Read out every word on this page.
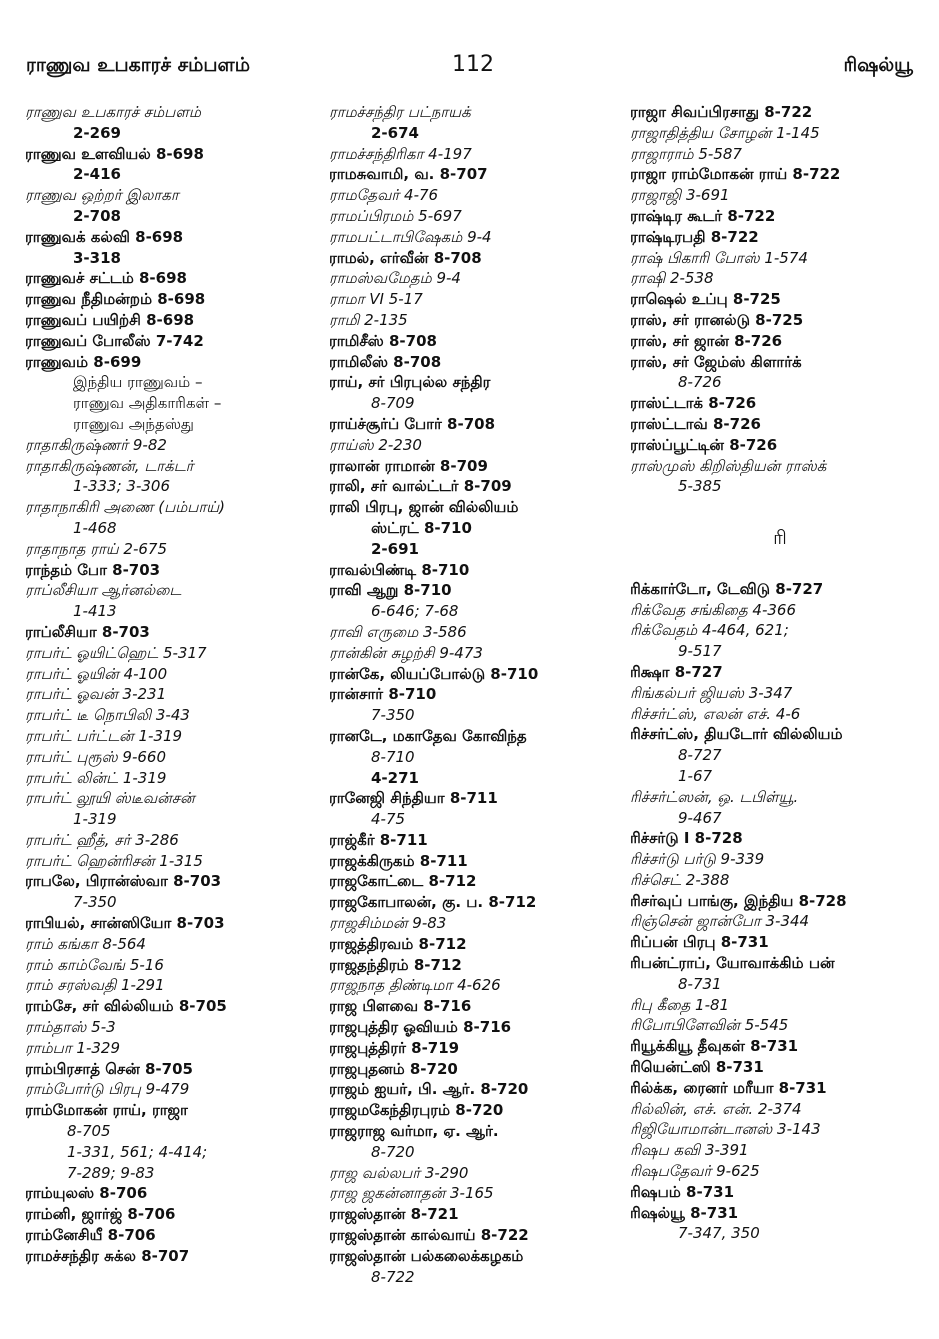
ராணுவ உபகாரச் சம்பளம்	112	ரிஷல்யூ
ராணுவ உபகாரச் சம்பளம்
2-269
ராணுவ உளவியல் 8-698
2-416
ராணுவ ஒற்றர் இலாகா
2-708
ராணுவக் கல்வி 8-698
3-318
ராணுவச் சட்டம் 8-698
ராணுவ நீதிமன்றம் 8-698
ராணுவப் பயிற்சி 8-698
ராணுவப் போலீஸ் 7-742
ராணுவம் 8-699
இந்திய ராணுவம் –
ராணுவ அதிகாரிகள் –
ராணுவ அந்தஸ்து
ராதாகிருஷ்ணர் 9-82
ராதாகிருஷ்ணன், டாக்டர்
1-333; 3-306
ராதாநாகிரி அணை (பம்பாய்)
1-468
ராதாநாத ராய் 2-675
ராந்தம் போ 8-703
ராப்லீசியா ஆர்னல்டை
1-413
ராப்லீசியா 8-703
ராபர்ட் ஓயிட்ஹெட் 5-317
ராபர்ட் ஓயின் 4-100
ராபர்ட் ஓவன் 3-231
ராபர்ட் டீ நொபிலி 3-43
ராபர்ட் பர்ட்டன் 1-319
ராபர்ட் புரூஸ் 9-660
ராபர்ட் லின்ட் 1-319
ராபர்ட் லூயி ஸ்டீவன்சன்
1-319
ராபர்ட் ஹீத், சர் 3-286
ராபர்ட் ஹென்ரிசன் 1-315
ராபலே, பிரான்ஸ்வா 8-703
7-350
ராபியல், சான்ஸியோ 8-703
ராம் கங்கா 8-564
ராம் காம்வேங் 5-16
ராம் சரஸ்வதி 1-291
ராம்சே, சர் வில்லியம் 8-705
ராம்தாஸ் 5-3
ராம்பா 1-329
ராம்பிரசாத் சென் 8-705
ராம்போர்டு பிரபு 9-479
ராம்மோகன் ராய், ராஜா
8-705
1-331, 561; 4-414;
7-289; 9-83
ராம்யுலஸ் 8-706
ராம்னி, ஜார்ஜ் 8-706
ராம்னேசியீ 8-706
ராமச்சந்திர சுக்ல 8-707
ராமச்சந்திர பட்நாயக்
2-674
ராமச்சந்திரிகா 4-197
ராமசுவாமி, வ. 8-707
ராமதேவர் 4-76
ராமப்பிரமம் 5-697
ராமபட்டாபிஷேகம் 9-4
ராமல், எர்வீன் 8-708
ராமஸ்வமேதம் 9-4
ராமா VI 5-17
ராமி 2-135
ராமிசீஸ் 8-708
ராமிலீஸ் 8-708
ராய், சர் பிரபுல்ல சந்திர
8-709
ராய்ச்சூர்ப் போர் 8-708
ராய்ஸ் 2-230
ராலான் ராமான் 8-709
ராலி, சர் வால்ட்டர் 8-709
ராலி பிரபு, ஜான் வில்லியம்
ஸ்ட்ரட் 8-710
2-691
ராவல்பிண்டி 8-710
ராவி ஆறு 8-710
6-646; 7-68
ராவி எருமை 3-586
ரான்கின் சுழற்சி 9-473
ரான்கே, லியப்போல்டு 8-710
ரான்சார் 8-710
7-350
ரானடே, மகாதேவ கோவிந்த
8-710
4-271
ரானேஜி சிந்தியா 8-711
4-75
ராஜ்கீர் 8-711
ராஜக்கிருகம் 8-711
ராஜகோட்டை 8-712
ராஜகோபாலன், கு. ப. 8-712
ராஜசிம்மன் 9-83
ராஜத்திரவம் 8-712
ராஜதந்திரம் 8-712
ராஜநாத திண்டிமா 4-626
ராஜ பிளவை 8-716
ராஜபுத்திர ஓவியம் 8-716
ராஜபுத்திரர் 8-719
ராஜபுதனம் 8-720
ராஜம் ஐயர், பி. ஆர். 8-720
ராஜமகேந்திரபுரம் 8-720
ராஜராஜ வர்மா, ஏ. ஆர்.
8-720
ராஜ வல்லபர் 3-290
ராஜ ஜகன்னாதன் 3-165
ராஜஸ்தான் 8-721
ராஜஸ்தான் கால்வாய் 8-722
ராஜஸ்தான் பல்கலைக்கழகம்
8-722
ராஜா சிவப்பிரசாது 8-722
ராஜாதித்திய சோழன் 1-145
ராஜாராம் 5-587
ராஜா ராம்மோகன் ராய் 8-722
ராஜாஜி 3-691
ராஷ்டிர கூடர் 8-722
ராஷ்டிரபதி 8-722
ராஷ் பிகாரி போஸ் 1-574
ராஷி 2-538
ராஷெல் உப்பு 8-725
ராஸ், சர் ரானல்டு 8-725
ராஸ், சர் ஜான் 8-726
ராஸ், சர் ஜேம்ஸ் கிளார்க்
8-726
ராஸ்ட்டாக் 8-726
ராஸ்ட்டாவ் 8-726
ராஸ்ப்பூட்டின் 8-726
ராஸ்முஸ் கிறிஸ்தியன் ராஸ்க்
5-385
ரி
ரிக்கார்டோ, டேவிடு 8-727
ரிக்வேத சங்கிதை 4-366
ரிக்வேதம் 4-464, 621;
9-517
ரிக்ஷா 8-727
ரிங்கல்பர் ஜியஸ் 3-347
ரிச்சர்ட்ஸ், எலன் எச். 4-6
ரிச்சர்ட்ஸ், தியடோர் வில்லியம்
8-727
1-67
ரிச்சர்ட்ஸன், ஒ. டபிள்யூ.
9-467
ரிச்சர்டு I 8-728
ரிச்சர்டு பர்டு 9-339
ரிச்செட் 2-388
ரிசர்வுப் பாங்கு, இந்திய 8-728
ரிஞ்சென் ஜான்போ 3-344
ரிப்பன் பிரபு 8-731
ரிபன்ட்ராப், யோவாக்கிம் பன்
8-731
ரிபு கீதை 1-81
ரிபோபிளேவின் 5-545
ரியூக்கியூ தீவுகள் 8-731
ரியென்ட்ஸி 8-731
ரில்க்க, ரைனர் மரீயா 8-731
ரில்லின், எச். என். 2-374
ரிஜியோமான்டானஸ் 3-143
ரிஷப கவி 3-391
ரிஷபதேவர் 9-625
ரிஷபம் 8-731
ரிஷல்யூ 8-731
7-347, 350
